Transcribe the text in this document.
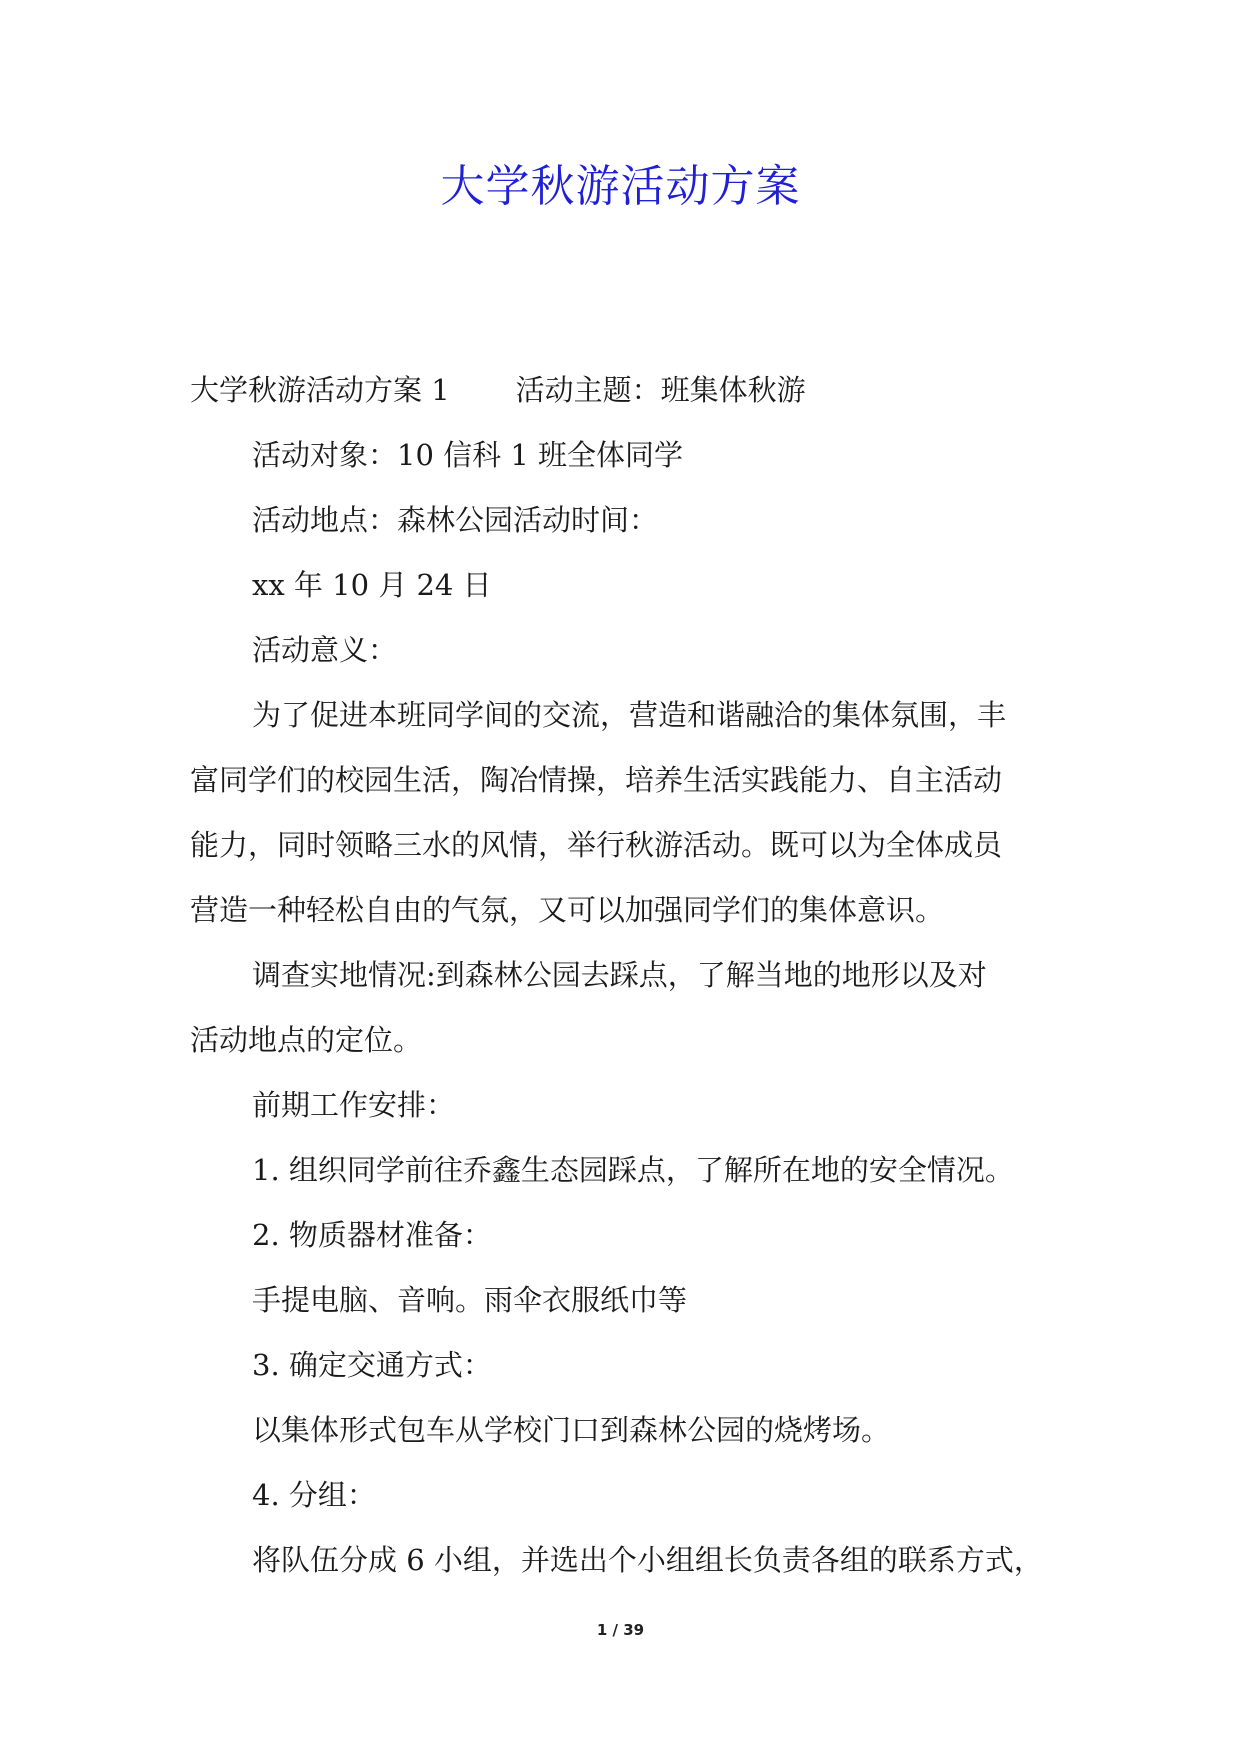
大学秋游活动方案

大学秋游活动方案 1 活动主题：班集体秋游

活动对象：10 信科 1 班全体同学

活动地点：森林公园活动时间：

xx 年 10 月 24 日

活动意义：

为了促进本班同学间的交流，营造和谐融洽的集体氛围，丰

富同学们的校园生活，陶冶情操，培养生活实践能力、自主活动

能力，同时领略三水的风情，举行秋游活动。既可以为全体成员

营造一种轻松自由的气氛，又可以加强同学们的集体意识。

调查实地情况:到森林公园去踩点，了解当地的地形以及对

活动地点的定位。

前期工作安排：

1. 组织同学前往乔鑫生态园踩点，了解所在地的安全情况。

2. 物质器材准备：

手提电脑、音响。雨伞衣服纸巾等

3. 确定交通方式：

以集体形式包车从学校门口到森林公园的烧烤场。

4. 分组：

将队伍分成 6 小组，并选出个小组组长负责各组的联系方式，

1 / 39
